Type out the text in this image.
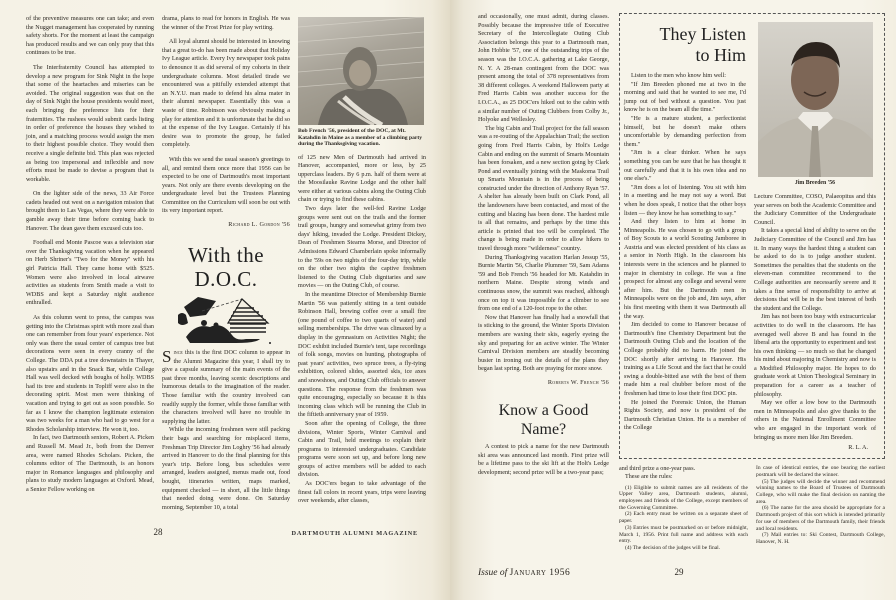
of the preventive measures one can take; and even the Nugget management has cooperated by running safety shorts. For the moment at least the campaign has produced results and we can only pray that this continues to be true.

The Interfraternity Council has attempted to develop a new program for Sink Night in the hope that some of the heartaches and miseries can be avoided. The original suggestion was that on the day of Sink Night the house presidents would meet, each bringing the preference lists for their fraternities. The rushees would submit cards listing in order of preference the houses they wished to join, and a matching process would assign the men to their highest possible choice. They would then receive a single definite bid. This plan was rejected as being too impersonal and inflexible and now efforts must be made to devise a program that is workable.

On the lighter side of the news, 33 Air Force cadets headed out west on a navigation mission that brought them to Las Vegas, where they were able to gamble away their time before coming back to Hanover. The dean gave them excused cuts too.

Football end Monte Pascoe was a television star over the Thanksgiving vacation when he appeared on Herb Shriner's "Two for the Money" with his girl Patricia Hall. They came home with $525. Women were also involved in local airwave activities as students from Smith made a visit to WDBS and kept a Saturday night audience enthralled.

As this column went to press, the campus was getting into the Christmas spirit with more zeal than one can remember from four years' experience. Not only was there the usual center of campus tree but decorations were seen in every cranny of the College. The DDA put a tree downstairs in Thayer, also upstairs and in the Snack Bar, while College Hall was well decked with boughs of holly. WDBS had its tree and students in Topliff were also in the decorating spirit. Most men were thinking of vacation and trying to get out as soon possible. So far as I know the champion legitimate extension was two weeks for a man who had to go west for a Rhodes Scholarship interview. He won it, too.

In fact, two Dartmouth seniors, Robert A. Picken and Russell M. Mead Jr., both from the Denver area, were named Rhodes Scholars. Picken, the columns editor of The Dartmouth, is an honors major in Romance languages and philosophy and plans to study modern languages at Oxford. Mead, a Senior Fellow working on

drama, plans to read for honors in English. He was the winner of the Frost Prize for play writing.

All loyal alumni should be interested in knowing that a great to-do has been made about that Holiday Ivy League article. Every Ivy newspaper took pains to denounce it as did several of my cohorts in their undergraduate columns. Most detailed tirade we encountered was a pitifully extended attempt that an N.Y.U. man made to defend his alma mater in their alumni newspaper. Essentially this was a waste of time. Robinson was obviously making a play for attention and it is unfortunate that he did so at the expense of the Ivy League. Certainly if his desire was to promote the group, he failed completely.

With this we send the usual season's greetings to all, and remind them once more that 1956 can be expected to be one of Dartmouth's most important years. Not only are there events developing on the undergraduate level but the Trustees Planning Committee on the Curriculum will soon be out with its very important report.

Richard L. Gordon '56
With the D.O.C.

Since this is the first DOC column to appear in the Alumni Magazine this year, I shall try to give a capsule summary of the main events of the past three months, leaving scenic descriptions and humorous details to the imagination of the reader. Those familiar with the country involved can readily supply the former, while those familiar with the characters involved will have no trouble in supplying the latter.

While the incoming freshmen were still packing their bags and searching for misplaced items, Freshman Trip Director Jim Loghry '56 had already arrived in Hanover to do the final planning for this year's trip. Before long, bus schedules were arranged, leaders assigned, menus made out, food bought, itineraries written, maps marked, equipment checked — in short, all the little things that needed doing were done. On Saturday morning, September 10, a total

Bob French '56, president of the DOC, at Mt. Katahdin in Maine as a member of a climbing party during the Thanksgiving vacation.

of 125 new Men of Dartmouth had arrived in Hanover, accompanied, more or less, by 25 upperclass leaders. By 6 p.m. half of them were at the Moosilauke Ravine Lodge and the other half were either at various cabins along the Outing Club chain or trying to find these cabins.

Two days later the well-fed Ravine Lodge groups were sent out on the trails and the former trail groups, hungry and somewhat grimy from two days' hiking, invaded the Lodge. President Dickey, Dean of Freshmen Stearns Morse, and Director of Admissions Edward Chamberlain spoke informally to the '59s on two nights of the four-day trip, while on the other two nights the captive freshmen listened to the Outing Club dignitaries and saw movies — on the Outing Club, of course.

In the meantime Director of Membership Burnie Martin '56 was patiently sitting in a tent outside Robinson Hall, brewing coffee over a small fire (one pound of coffee to two quarts of water) and selling memberships. The drive was climaxed by a display in the gymnasium on Activities Night; the DOC exhibit included Burnie's tent, tape recordings of folk songs, movies on hunting, photographs of past years' activities, two spruce trees, a fly-tying exhibition, colored slides, assorted skis, ice axes and snowshoes, and Outing Club officials to answer questions. The response from the freshmen was quite encouraging, especially so because it is this incoming class which will be running the Club in the fiftieth anniversary year of 1959.

Soon after the opening of College, the three divisions, Winter Sports, Winter Carnival and Cabin and Trail, held meetings to explain their programs to interested undergraduates. Candidate programs were soon set up, and before long new groups of active members will be added to each division.

As DOC'ers began to take advantage of the finest fall colors in recent years, trips were leaving over weekends, after classes,

28	DARTMOUTH ALUMNI MAGAZINE

and occasionally, one must admit, during classes. Possibly because the impressive title of Executive Secretary of the Intercollegiate Outing Club Association belongs this year to a Dartmouth man, John Hobbie '57, one of the outstanding trips of the season was the I.O.C.A. gathering at Lake George, N. Y. A 28-man contingent from the DOC was present among the total of 378 representatives from 38 different colleges. A weekend Halloween party at Fred Harris Cabin was another success for the I.O.C.A., as 25 DOC'ers hiked out to the cabin with a similar number of Outing Clubbers from Colby Jr., Holyoke and Wellesley.

The big Cabin and Trail project for the fall season was a re-routing of the Appalachian Trail; the section going from Fred Harris Cabin, by Holt's Ledge Cabin and ending on the summit of Smarts Mountain has been forsaken, and a new section going by Clark Pond and eventually joining with the Maskoma Trail up Smarts Mountain is in the process of being constructed under the direction of Anthony Ryan '57. A shelter has already been built on Clark Pond, all the landowners have been contacted, and most of the cutting and blazing has been done. The hardest mile is all that remains, and perhaps by the time this article is printed that too will be completed. The change is being made in order to allow hikers to travel through more "wilderness" country.

During Thanksgiving vacation Harlan Jessup '55, Burnie Martin '56, Charlie Plummer '59, Sam Adams '59 and Bob French '56 headed for Mt. Katahdin in northern Maine. Despite strong winds and continuous snow, the summit was reached, although once on top it was impossible for a climber to see from one end of a 120-foot rope to the other.

Now that Hanover has finally had a snowfall that is sticking to the ground, the Winter Sports Division members are waxing their skis, eagerly eyeing the sky and preparing for an active winter. The Winter Carnival Division members are steadily becoming busier in ironing out the details of the plans they began last spring. Both are praying for more snow.

Roberts W. French '56
Know a Good Name?

A contest to pick a name for the new Dartmouth ski area was announced last month. First prize will be a lifetime pass to the ski lift at the Holt's Ledge development; second prize will be a two-year pass;

They Listen
to Him

Listen to the men who know him well:

"If Jim Breeden phoned me at two in the morning and said that he wanted to see me, I'd jump out of bed without a question. You just know he is on the beam all the time."

"He is a mature student, a perfectionist himself, but he doesn't make others uncomfortable by demanding perfection from them."

"Jim is a clear thinker. When he says something you can be sure that he has thought it out carefully and that it is his own idea and no one else's."

"Jim does a lot of listening. You sit with him in a meeting and he may not say a word. But when he does speak, I notice that the other boys listen — they know he has something to say."

And they listen to him at home in Minneapolis. He was chosen to go with a group of Boy Scouts to a world Scouting Jamboree in Austria and was elected president of his class as a senior in North High. In the classroom his interests were in the sciences and he planned to major in chemistry in college. He was a fine prospect for almost any college and several were after him. But the Dartmouth men in Minneapolis were on the job and, Jim says, after his first meeting with them it was Dartmouth all the way.

Jim decided to come to Hanover because of Dartmouth's fine Chemistry Department but the Dartmouth Outing Club and the location of the College probably did no harm. He joined the DOC shortly after arriving in Hanover. His training as a Life Scout and the fact that he could swing a double-bitted axe with the best of them made him a real chubber before most of the freshmen had time to lose their first DOC pin.

He joined the Forensic Union, the Human Rights Society, and now is president of the Dartmouth Christian Union. He is a member of the College

Jim Breeden '56

Lecture Committee, COSO, Palaeopitus and this year serves on both the Academic Committee and the Judiciary Committee of the Undergraduate Council.

It takes a special kind of ability to serve on the Judiciary Committee of the Council and Jim has it. In many ways the hardest thing a student can be asked to do is to judge another student. Sometimes the penalties that the students on the eleven-man committee recommend to the College authorities are necessarily severe and it takes a fine sense of responsibility to arrive at decisions that will be in the best interest of both the student and the College.

Jim has not been too busy with extracurricular activities to do well in the classroom. He has averaged well above B and has found in the liberal arts the opportunity to experiment and test his own thinking — so much so that he changed his mind about majoring in Chemistry and now is a Modified Philosophy major. He hopes to do graduate work at Union Theological Seminary in preparation for a career as a teacher of philosophy.

May we offer a low bow to the Dartmouth men in Minneapolis and also give thanks to the others in the National Enrollment Committee who are engaged in the important work of bringing us more men like Jim Breeden.

R. L. A.

and third prize a one-year pass.

These are the rules:

(1) Eligible to submit names are all residents of the Upper Valley area, Dartmouth students, alumni, employees and friends of the College, except members of the Governing Committee.

(2) Each entry must be written on a separate sheet of paper.

(3) Entries must be postmarked on or before midnight, March 1, 1956. Print full name and address with each entry.

(4) The decision of the judges will be final.

In case of identical entries, the one bearing the earliest postmark will be declared the winner.

(5) The judges will decide the winner and recommend winning names to the Board of Trustees of Dartmouth College, who will make the final decision on naming the area.

(6) The name for the area should be appropriate for a Dartmouth project of this sort which is intended primarily for use of members of the Dartmouth family, their friends and local residents.

(7) Mail entries to: Ski Contest, Dartmouth College, Hanover, N. H.

Issue of January 1956	29
